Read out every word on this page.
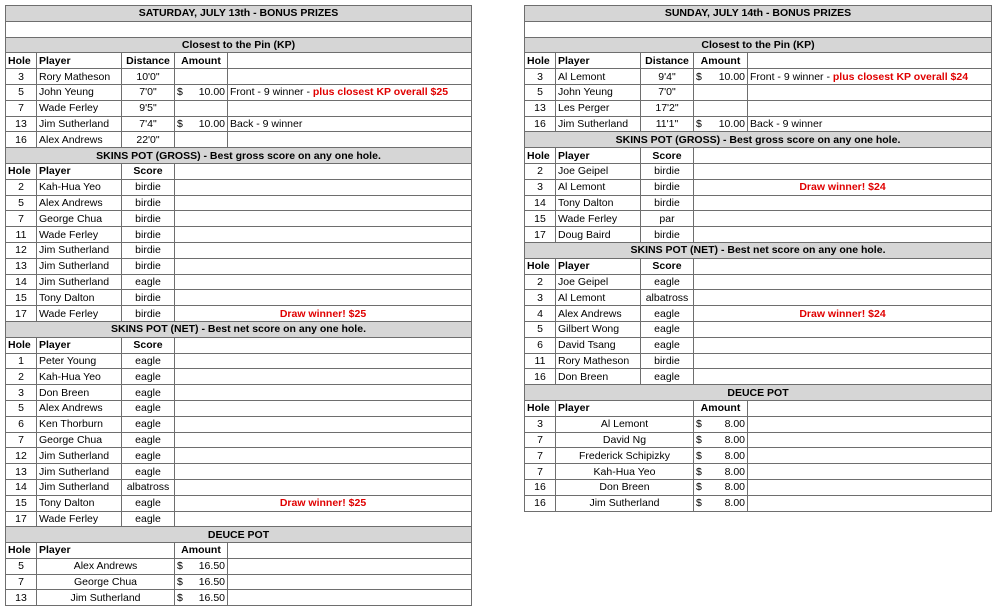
SATURDAY, JULY 13th - BONUS PRIZES				

Closest to the Pin (KP)				
Hole	Player	Distance	Amount	
3	Rory Matheson	10'0"		
5	John Yeung	7'0"	$ 10.00	Front - 9 winner - plus closest KP overall $25
7	Wade Ferley	9'5"		
13	Jim Sutherland	7'4"	$ 10.00	Back - 9 winner
16	Alex Andrews	22'0"		
SKINS POT (GROSS) - Best gross score on any one hole.				
Hole	Player	Score		
2	Kah-Hua Yeo	birdie		
5	Alex Andrews	birdie		
7	George Chua	birdie		
11	Wade Ferley	birdie		
12	Jim Sutherland	birdie		
13	Jim Sutherland	birdie		
14	Jim Sutherland	eagle		
15	Tony Dalton	birdie		
17	Wade Ferley	birdie	Draw winner! $25	
SKINS POT (NET) - Best net score on any one hole.				
Hole	Player	Score		
1	Peter Young	eagle		
2	Kah-Hua Yeo	eagle		
3	Don Breen	eagle		
5	Alex Andrews	eagle		
6	Ken Thorburn	eagle		
7	George Chua	eagle		
12	Jim Sutherland	eagle		
13	Jim Sutherland	eagle		
14	Jim Sutherland	albatross		
15	Tony Dalton	eagle	Draw winner! $25	
17	Wade Ferley	eagle		
DEUCE POT				
Hole	Player		Amount	
5	Alex Andrews		$ 16.50	

7	George Chua		$ 16.50	

13	Jim Sutherland		$ 16.50	

SUNDAY, JULY 14th - BONUS PRIZES				

Closest to the Pin (KP)				
Hole	Player	Distance	Amount	
3	Al Lemont	9'4"	$ 10.00	Front - 9 winner - plus closest KP overall $24
5	John Yeung	7'0"		
13	Les Perger	17'2"		
16	Jim Sutherland	11'1"	$ 10.00	Back - 9 winner
SKINS POT (GROSS) - Best gross score on any one hole.				
Hole	Player	Score		
2	Joe Geipel	birdie		
3	Al Lemont	birdie	Draw winner! $24	
14	Tony Dalton	birdie		
15	Wade Ferley	par		
17	Doug Baird	birdie		
SKINS POT (NET) - Best net score on any one hole.				
Hole	Player	Score		
2	Joe Geipel	eagle		
3	Al Lemont	albatross		
4	Alex Andrews	eagle	Draw winner! $24	
5	Gilbert Wong	eagle		
6	David Tsang	eagle		
11	Rory Matheson	birdie		
16	Don Breen	eagle		
DEUCE POT				
Hole	Player		Amount	
3	Al Lemont		$ 8.00	

7	David Ng		$ 8.00	

7	Frederick Schipizky		$ 8.00	

7	Kah-Hua Yeo		$ 8.00	

16	Don Breen		$ 8.00	

16	Jim Sutherland		$ 8.00	
